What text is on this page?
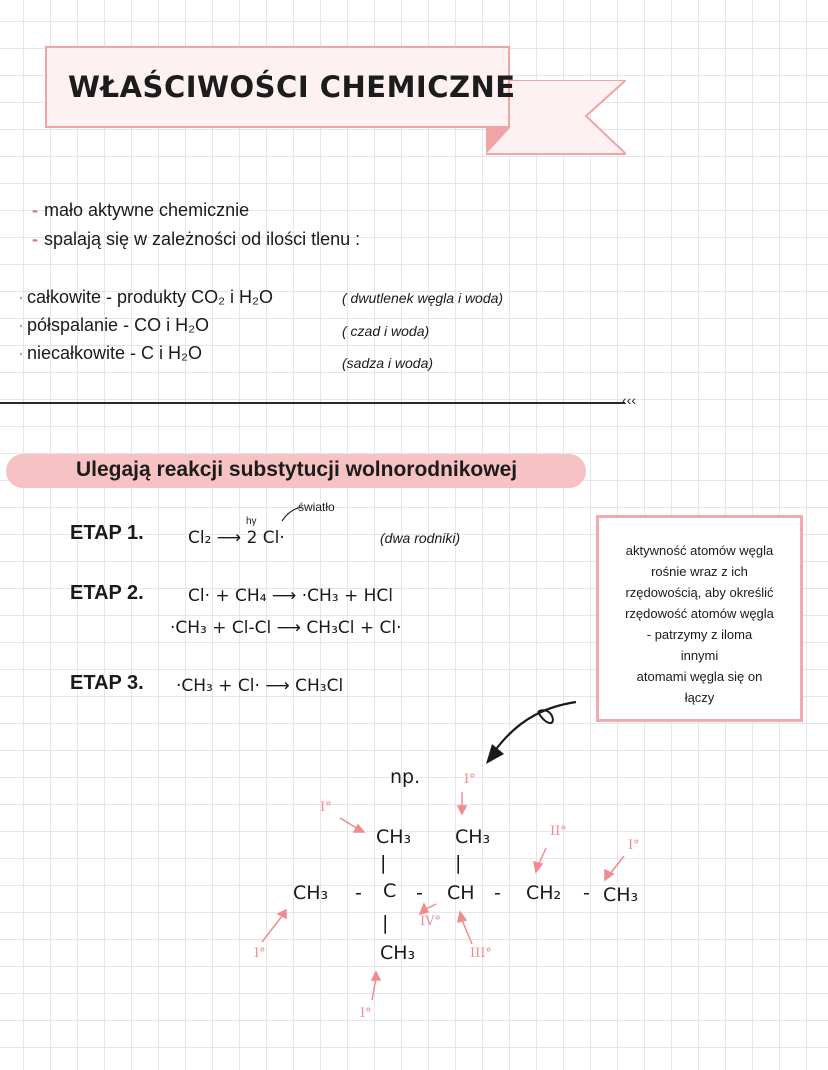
WŁAŚCIWOŚCI CHEMICZNE
- mało aktywne chemicznie
- spalają się w zależności od ilości tlenu :
· całkowite - produkty CO₂ i H₂O
· półspalanie - CO i H₂O
· niecałkowite - C i H₂O
( dwutlenek węgla i woda)
( czad i woda)
(sadza i woda)
‹‹‹
Ulegają reakcji substytucji wolnorodnikowej
ETAP 1.
światło
hγ
Cl₂ ⟶ 2 Cl·	(dwa rodniki)
ETAP 2.	Cl· + CH₄ ⟶ ·CH₃ + HCl
·CH₃ + Cl-Cl ⟶ CH₃Cl + Cl·
ETAP 3. ·CH₃ + Cl· ⟶ CH₃Cl
aktywność atomów węgla
rośnie wraz z ich
rzędowością, aby określić
rzędowość atomów węgla
- patrzymy z iloma
innymi
atomami węgla się on
łączy
np.
CH₃ CH₃
|	|
CH₃ - C - CH - CH₂ - CH₃
|
CH₃
I°
I°
II°
I°
IV°
III°
I°
I°
